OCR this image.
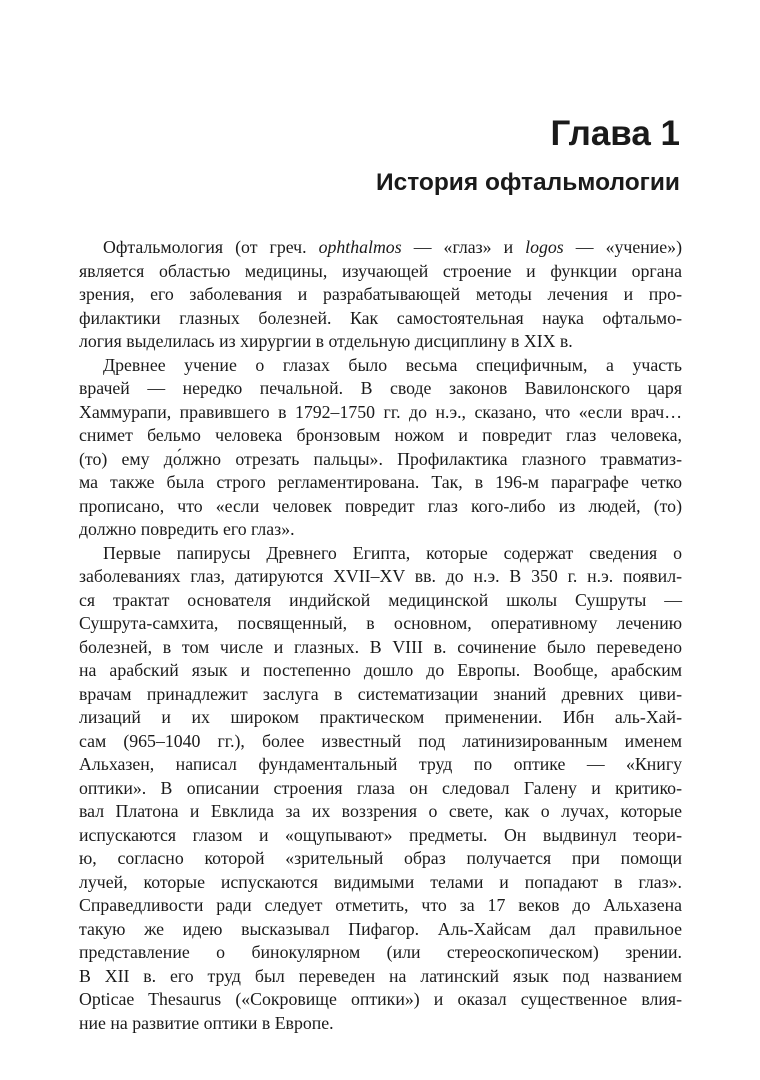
Глава 1
История офтальмологии

Офтальмология (от греч. ophthalmos — «глаз» и logos — «учение»)
является областью медицины, изучающей строение и функции органа
зрения, его заболевания и разрабатывающей методы лечения и про-
филактики глазных болезней. Как самостоятельная наука офтальмо-
логия выделилась из хирургии в отдельную дисциплину в XIX в.

Древнее учение о глазах было весьма специфичным, а участь
врачей — нередко печальной. В своде законов Вавилонского царя
Хаммурапи, правившего в 1792–1750 гг. до н.э., сказано, что «если врач…
снимет бельмо человека бронзовым ножом и повредит глаз человека,
(то) ему до́лжно отрезать пальцы». Профилактика глазного травматиз-
ма также была строго регламентирована. Так, в 196-м параграфе четко
прописано, что «если человек повредит глаз кого-либо из людей, (то)
должно повредить его глаз».

Первые папирусы Древнего Египта, которые содержат сведения о
заболеваниях глаз, датируются XVII–XV вв. до н.э. В 350 г. н.э. появил-
ся трактат основателя индийской медицинской школы Сушруты —
Сушрута-самхита, посвященный, в основном, оперативному лечению
болезней, в том числе и глазных. В VIII в. сочинение было переведено
на арабский язык и постепенно дошло до Европы. Вообще, арабским
врачам принадлежит заслуга в систематизации знаний древних циви-
лизаций и их широком практическом применении. Ибн аль-Хай-
сам (965–1040 гг.), более известный под латинизированным именем
Альхазен, написал фундаментальный труд по оптике — «Книгу
оптики». В описании строения глаза он следовал Галену и критико-
вал Платона и Евклида за их воззрения о свете, как о лучах, которые
испускаются глазом и «ощупывают» предметы. Он выдвинул теори-
ю, согласно которой «зрительный образ получается при помощи
лучей, которые испускаются видимыми телами и попадают в глаз».
Справедливости ради следует отметить, что за 17 веков до Альхазена
такую же идею высказывал Пифагор. Аль-Хайсам дал правильное
представление о бинокулярном (или стереоскопическом) зрении.
В XII в. его труд был переведен на латинский язык под названием
Opticae Thesaurus («Сокровище оптики») и оказал существенное влия-
ние на развитие оптики в Европе.
